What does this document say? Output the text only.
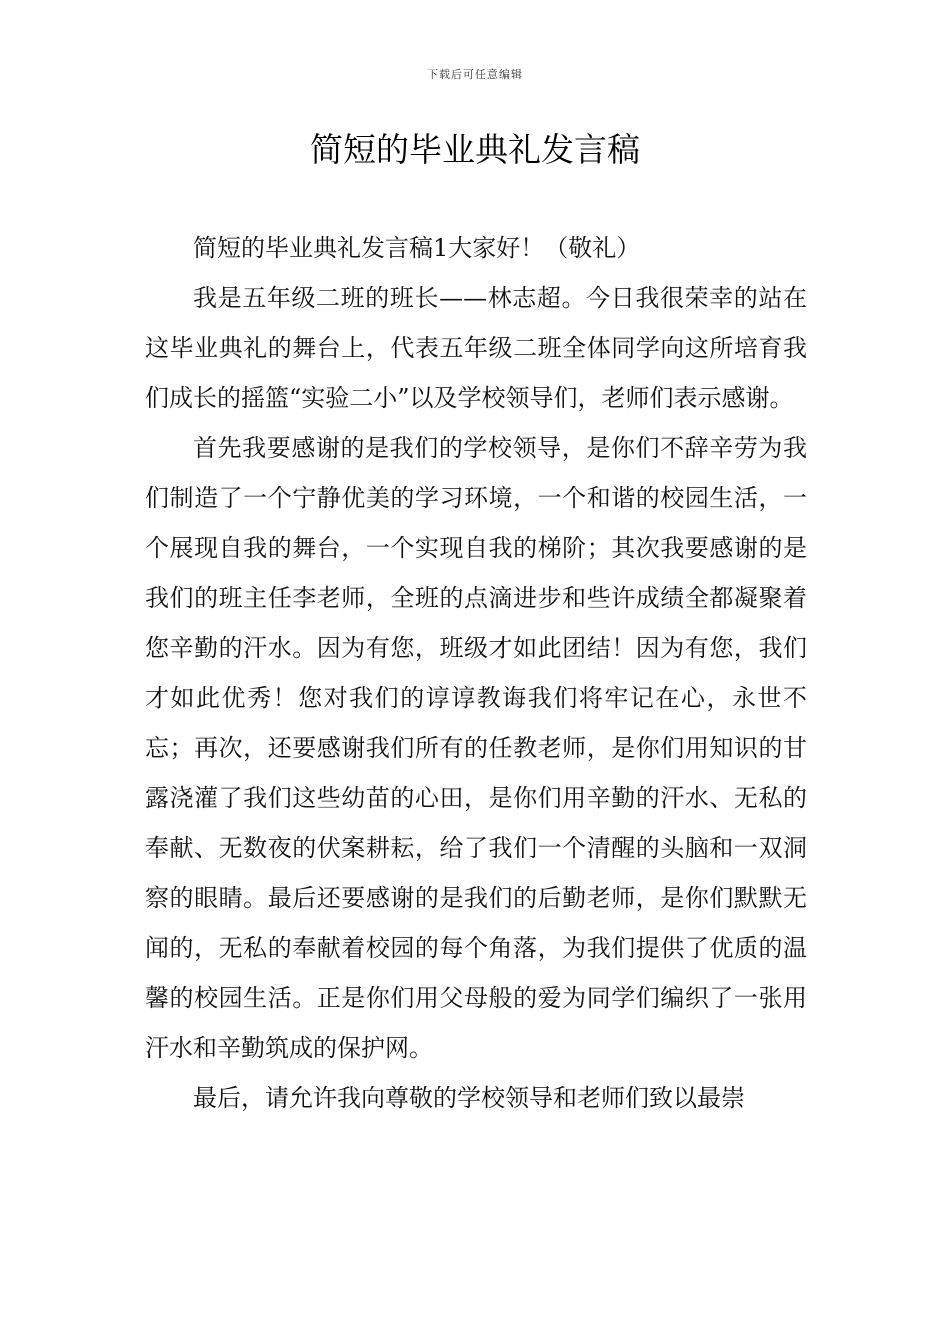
下载后可任意编辑
简短的毕业典礼发言稿

简短的毕业典礼发言稿1大家好！（敬礼）

我是五年级二班的班长——林志超。今日我很荣幸的站在这毕业典礼的舞台上，代表五年级二班全体同学向这所培育我们成长的摇篮“实验二小”以及学校领导们，老师们表示感谢。

首先我要感谢的是我们的学校领导，是你们不辞辛劳为我们制造了一个宁静优美的学习环境，一个和谐的校园生活，一个展现自我的舞台，一个实现自我的梯阶；其次我要感谢的是我们的班主任李老师，全班的点滴进步和些许成绩全都凝聚着您辛勤的汗水。因为有您，班级才如此团结！因为有您，我们才如此优秀！您对我们的谆谆教诲我们将牢记在心，永世不忘；再次，还要感谢我们所有的任教老师，是你们用知识的甘露浇灌了我们这些幼苗的心田，是你们用辛勤的汗水、无私的奉献、无数夜的伏案耕耘，给了我们一个清醒的头脑和一双洞察的眼睛。最后还要感谢的是我们的后勤老师，是你们默默无闻的，无私的奉献着校园的每个角落，为我们提供了优质的温馨的校园生活。正是你们用父母般的爱为同学们编织了一张用汗水和辛勤筑成的保护网。

最后，请允许我向尊敬的学校领导和老师们致以最崇
